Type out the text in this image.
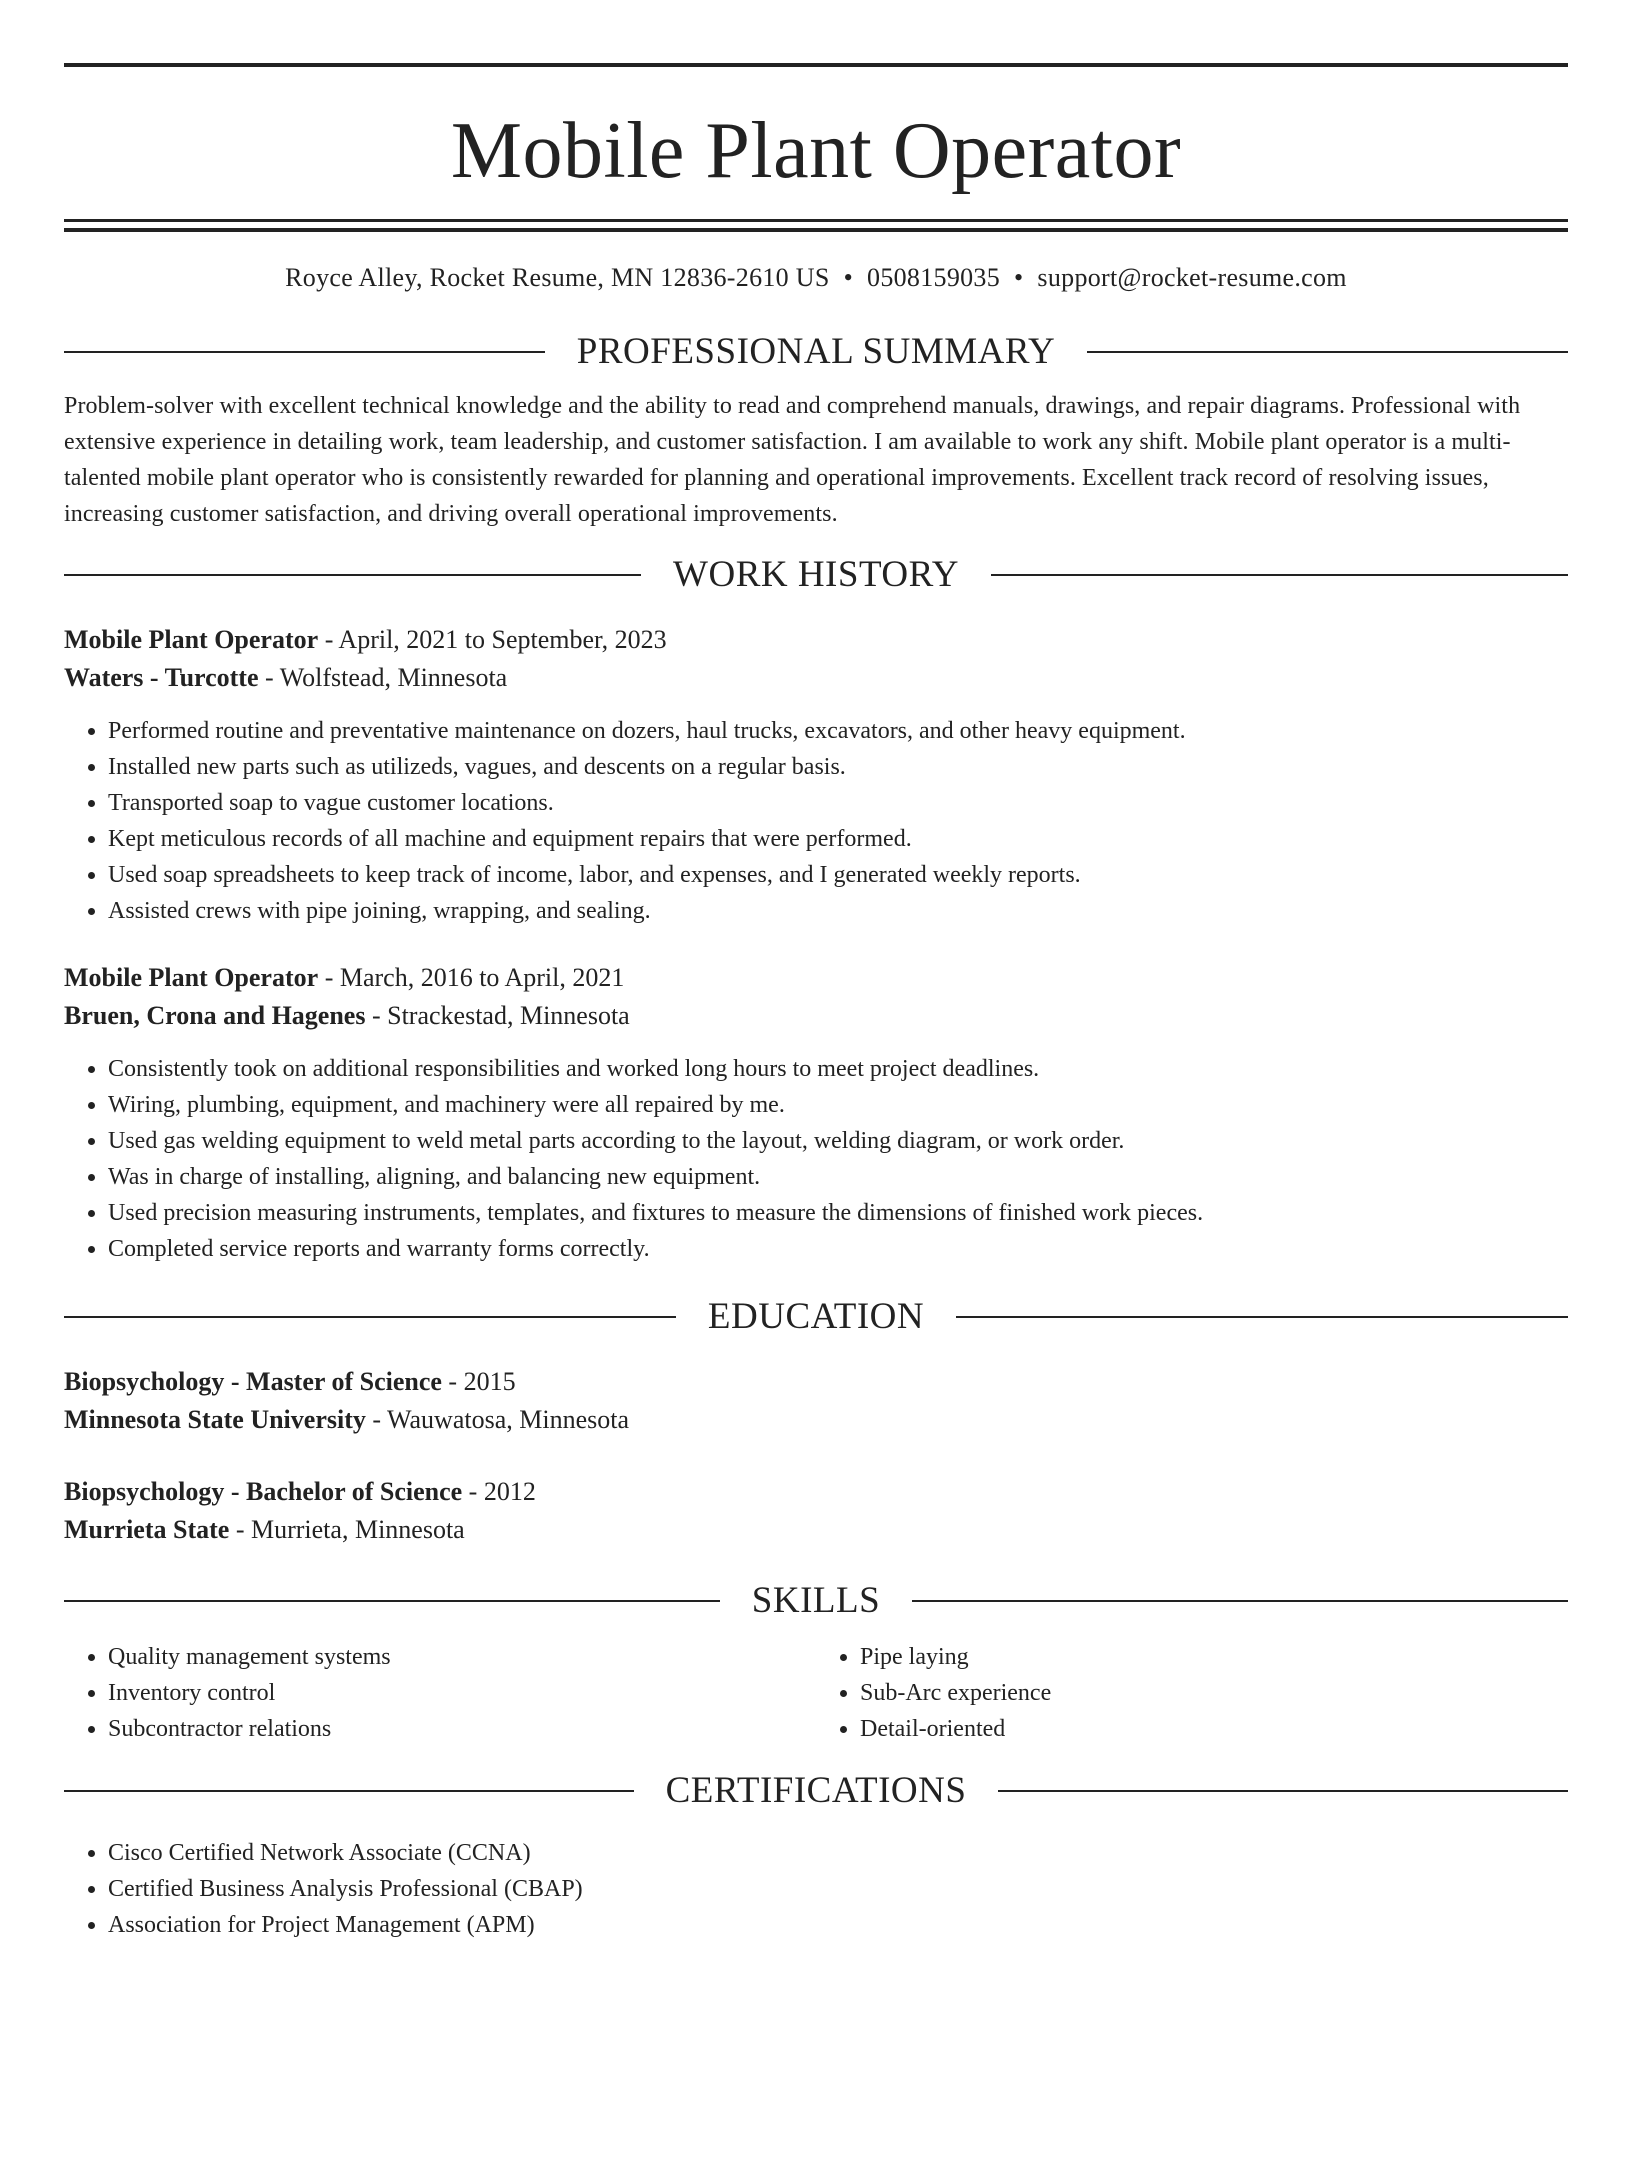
Mobile Plant Operator
Royce Alley, Rocket Resume, MN 12836-2610 US • 0508159035 • support@rocket-resume.com
PROFESSIONAL SUMMARY
Problem-solver with excellent technical knowledge and the ability to read and comprehend manuals, drawings, and repair diagrams. Professional with extensive experience in detailing work, team leadership, and customer satisfaction. I am available to work any shift. Mobile plant operator is a multi-talented mobile plant operator who is consistently rewarded for planning and operational improvements. Excellent track record of resolving issues, increasing customer satisfaction, and driving overall operational improvements.
WORK HISTORY
Mobile Plant Operator - April, 2021 to September, 2023
Waters - Turcotte - Wolfstead, Minnesota
• Performed routine and preventative maintenance on dozers, haul trucks, excavators, and other heavy equipment.
• Installed new parts such as utilizeds, vagues, and descents on a regular basis.
• Transported soap to vague customer locations.
• Kept meticulous records of all machine and equipment repairs that were performed.
• Used soap spreadsheets to keep track of income, labor, and expenses, and I generated weekly reports.
• Assisted crews with pipe joining, wrapping, and sealing.
Mobile Plant Operator - March, 2016 to April, 2021
Bruen, Crona and Hagenes - Strackestad, Minnesota
• Consistently took on additional responsibilities and worked long hours to meet project deadlines.
• Wiring, plumbing, equipment, and machinery were all repaired by me.
• Used gas welding equipment to weld metal parts according to the layout, welding diagram, or work order.
• Was in charge of installing, aligning, and balancing new equipment.
• Used precision measuring instruments, templates, and fixtures to measure the dimensions of finished work pieces.
• Completed service reports and warranty forms correctly.
EDUCATION
Biopsychology - Master of Science - 2015
Minnesota State University - Wauwatosa, Minnesota
Biopsychology - Bachelor of Science - 2012
Murrieta State - Murrieta, Minnesota
SKILLS
• Quality management systems
• Inventory control
• Subcontractor relations
• Pipe laying
• Sub-Arc experience
• Detail-oriented
CERTIFICATIONS
• Cisco Certified Network Associate (CCNA)
• Certified Business Analysis Professional (CBAP)
• Association for Project Management (APM)
